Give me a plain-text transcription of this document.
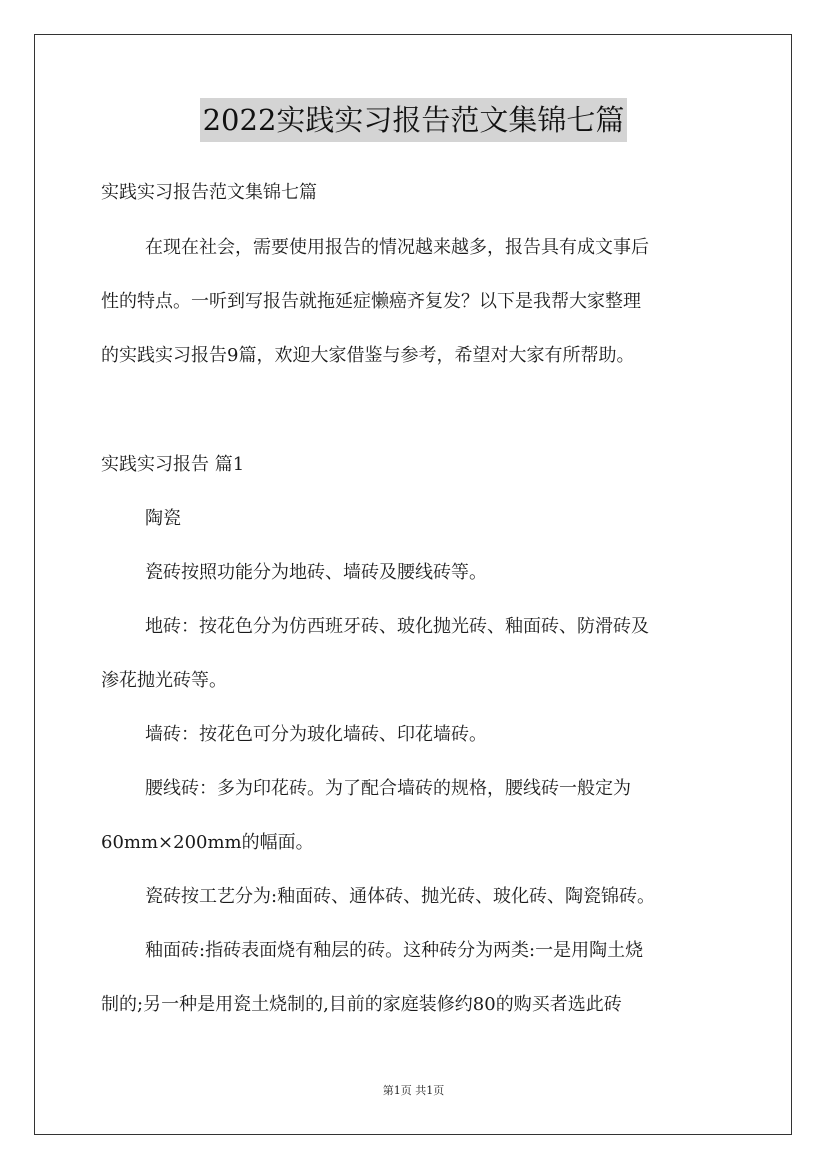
2022实践实习报告范文集锦七篇
实践实习报告范文集锦七篇
在现在社会，需要使用报告的情况越来越多，报告具有成文事后
性的特点。一听到写报告就拖延症懒癌齐复发？以下是我帮大家整理
的实践实习报告9篇，欢迎大家借鉴与参考，希望对大家有所帮助。
实践实习报告 篇1
陶瓷
瓷砖按照功能分为地砖、墙砖及腰线砖等。
地砖：按花色分为仿西班牙砖、玻化抛光砖、釉面砖、防滑砖及
渗花抛光砖等。
墙砖：按花色可分为玻化墙砖、印花墙砖。
腰线砖：多为印花砖。为了配合墙砖的规格，腰线砖一般定为
60mm×200mm的幅面。
瓷砖按工艺分为:釉面砖、通体砖、抛光砖、玻化砖、陶瓷锦砖。
釉面砖:指砖表面烧有釉层的砖。这种砖分为两类:一是用陶土烧
制的;另一种是用瓷土烧制的,目前的家庭装修约80的购买者选此砖
第1页 共1页
